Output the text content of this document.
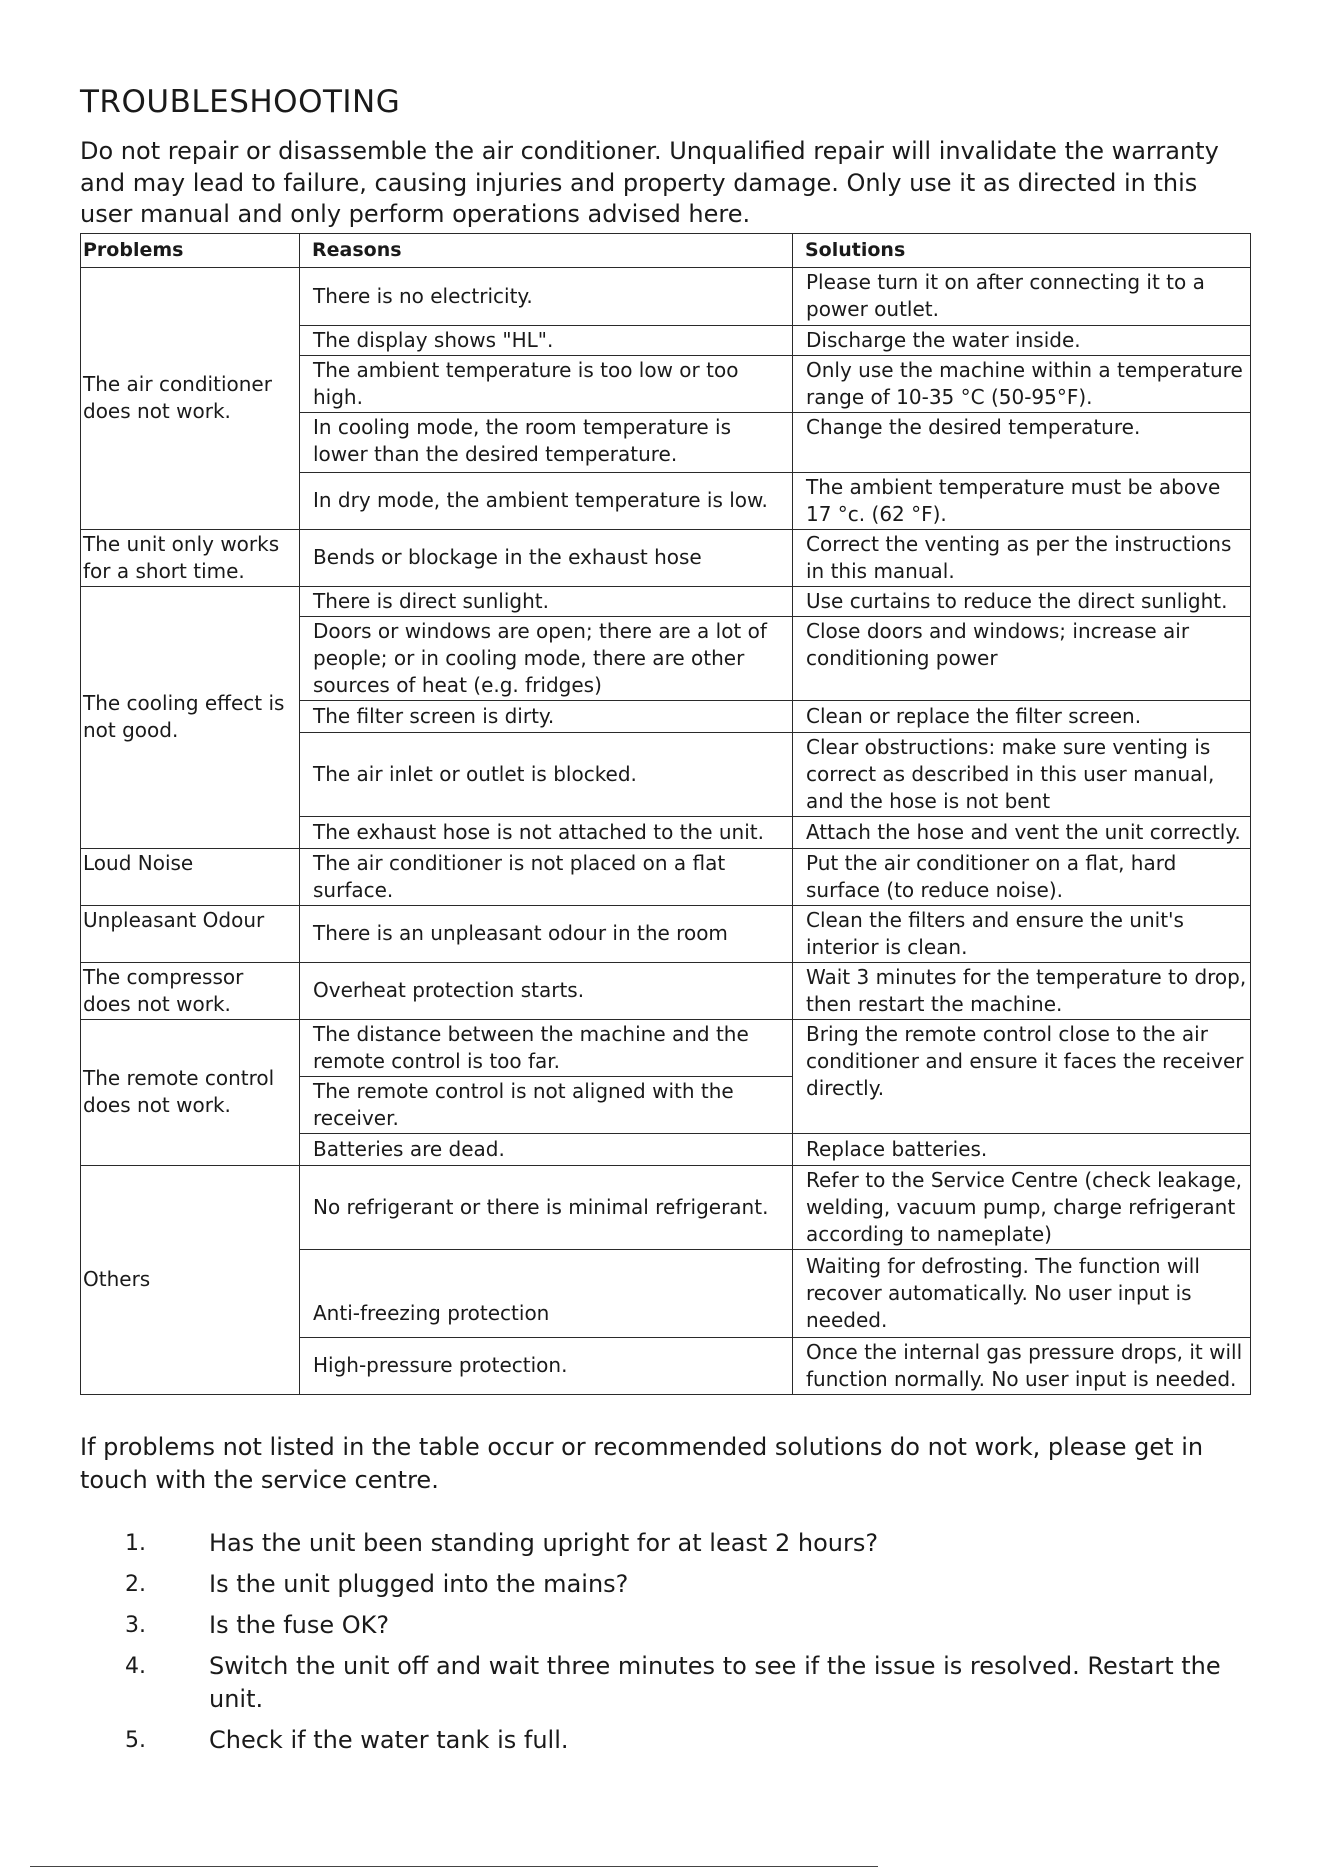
TROUBLESHOOTING

Do not repair or disassemble the air conditioner. Unqualified repair will invalidate the warranty and may lead to failure, causing injuries and property damage. Only use it as directed in this user manual and only perform operations advised here.

Problems	Reasons	Solutions
The air conditioner does not work.	There is no electricity.	Please turn it on after connecting it to a power outlet.
	The display shows "HL".	Discharge the water inside.
	The ambient temperature is too low or too high.	Only use the machine within a temperature range of 10-35 °C (50-95°F).
	In cooling mode, the room temperature is lower than the desired temperature.	Change the desired temperature.
	In dry mode, the ambient temperature is low.	The ambient temperature must be above 17 °c. (62 °F).
The unit only works for a short time.	Bends or blockage in the exhaust hose	Correct the venting as per the instructions in this manual.
The cooling effect is not good.	There is direct sunlight.	Use curtains to reduce the direct sunlight.
	Doors or windows are open; there are a lot of people; or in cooling mode, there are other sources of heat (e.g. fridges)	Close doors and windows; increase air conditioning power
	The filter screen is dirty.	Clean or replace the filter screen.
	The air inlet or outlet is blocked.	Clear obstructions: make sure venting is correct as described in this user manual, and the hose is not bent
	The exhaust hose is not attached to the unit.	Attach the hose and vent the unit correctly.
Loud Noise	The air conditioner is not placed on a flat surface.	Put the air conditioner on a flat, hard surface (to reduce noise).
Unpleasant Odour	There is an unpleasant odour in the room	Clean the filters and ensure the unit's interior is clean.
The compressor does not work.	Overheat protection starts.	Wait 3 minutes for the temperature to drop, then restart the machine.
The remote control does not work.	The distance between the machine and the remote control is too far.	Bring the remote control close to the air conditioner and ensure it faces the receiver directly.
	The remote control is not aligned with the receiver.	
	Batteries are dead.	Replace batteries.
Others	No refrigerant or there is minimal refrigerant.	Refer to the Service Centre (check leakage, welding, vacuum pump, charge refrigerant according to nameplate)
	Anti-freezing protection	Waiting for defrosting. The function will recover automatically. No user input is needed.
	High-pressure protection.	Once the internal gas pressure drops, it will function normally. No user input is needed.

If problems not listed in the table occur or recommended solutions do not work, please get in touch with the service centre.

1.	Has the unit been standing upright for at least 2 hours?
2.	Is the unit plugged into the mains?
3.	Is the fuse OK?
4.	Switch the unit off and wait three minutes to see if the issue is resolved. Restart the unit.
5.	Check if the water tank is full.
